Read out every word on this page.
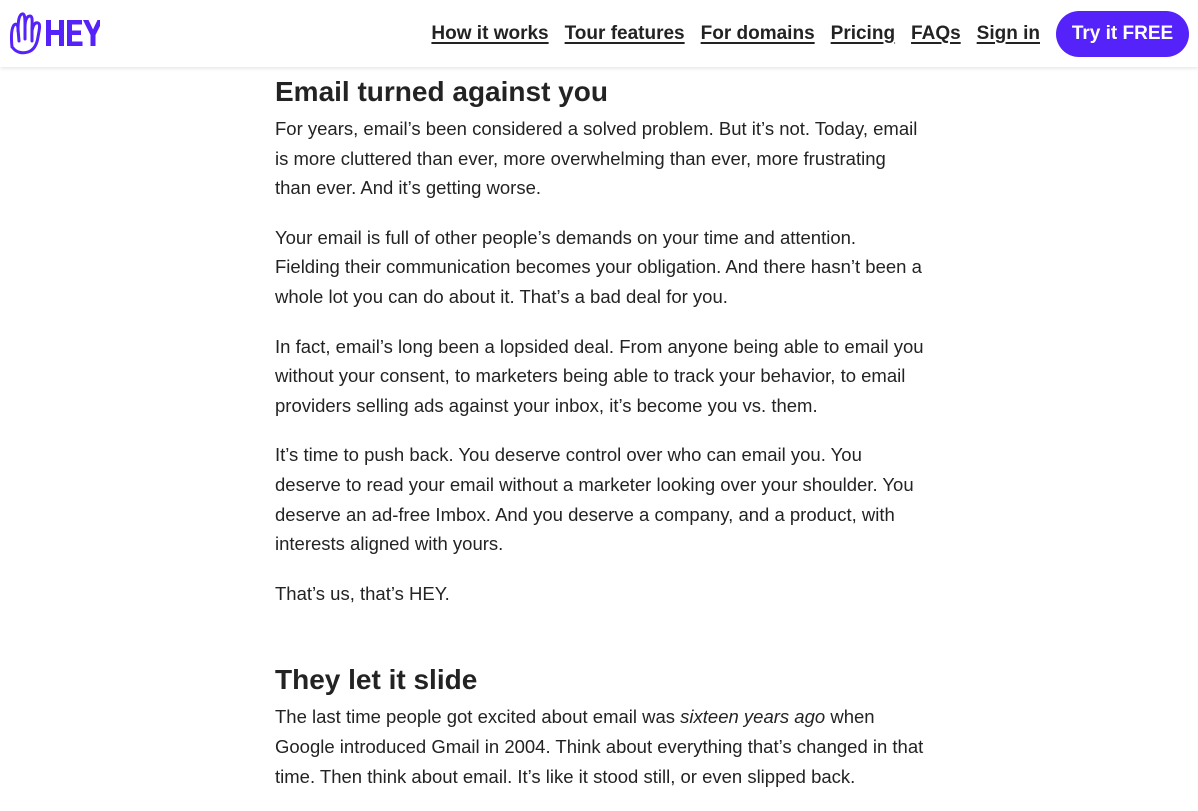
How it works Tour features For domains Pricing FAQs Sign in	Try it FREE
Email turned against you

For years, email’s been considered a solved problem. But it’s not. Today, email is more cluttered than ever, more overwhelming than ever, more frustrating than ever. And it’s getting worse.

Your email is full of other people’s demands on your time and attention. Fielding their communication becomes your obligation. And there hasn’t been a whole lot you can do about it. That’s a bad deal for you.

In fact, email’s long been a lopsided deal. From anyone being able to email you without your consent, to marketers being able to track your behavior, to email providers selling ads against your inbox, it’s become you vs. them.

It’s time to push back. You deserve control over who can email you. You deserve to read your email without a marketer looking over your shoulder. You deserve an ad-free Imbox. And you deserve a company, and a product, with interests aligned with yours.

That’s us, that’s HEY.

They let it slide

The last time people got excited about email was sixteen years ago when Google introduced Gmail in 2004. Think about everything that’s changed in that time. Then think about email. It’s like it stood still, or even slipped back.
